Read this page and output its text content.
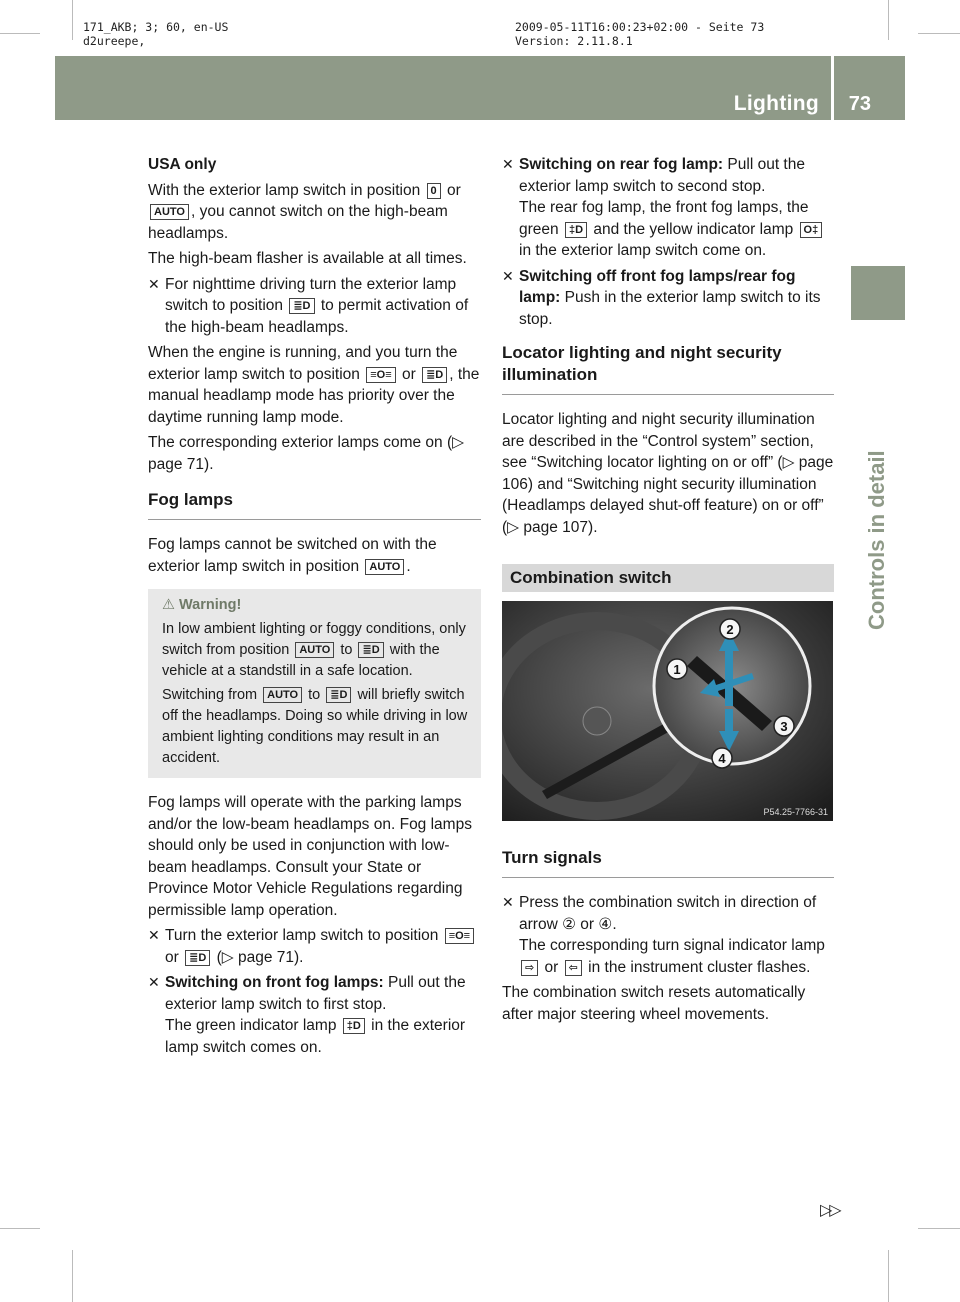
171_AKB; 3; 60, en-US
d2ureepe,
2009-05-11T16:00:23+02:00 - Seite 73
Version: 2.11.8.1
Lighting 73
Controls in detail

USA only

With the exterior lamp switch in position 0 or AUTO , you cannot switch on the high-beam headlamps.

The high-beam flasher is available at all times.

✕ For nighttime driving turn the exterior lamp switch to position ≣D to permit activation of the high-beam headlamps.

When the engine is running, and you turn the exterior lamp switch to position ≡O≡ or ≣D , the manual headlamp mode has priority over the daytime running lamp mode.

The corresponding exterior lamps come on (▷ page 71).

Fog lamps

Fog lamps cannot be switched on with the exterior lamp switch in position AUTO .

⚠ Warning!

In low ambient lighting or foggy conditions, only switch from position AUTO to ≣D with the vehicle at a standstill in a safe location.

Switching from AUTO to ≣D will briefly switch off the headlamps. Doing so while driving in low ambient lighting conditions may result in an accident.

Fog lamps will operate with the parking lamps and/or the low-beam headlamps on. Fog lamps should only be used in conjunction with low-beam headlamps. Consult your State or Province Motor Vehicle Regulations regarding permissible lamp operation.

✕ Turn the exterior lamp switch to position ≡O≡ or ≣D (▷ page 71).
✕ Switching on front fog lamps: Pull out the exterior lamp switch to first stop.
The green indicator lamp ‡D in the exterior lamp switch comes on.
✕ Switching on rear fog lamp: Pull out the exterior lamp switch to second stop.
The rear fog lamp, the front fog lamps, the green ‡D and the yellow indicator lamp O‡ in the exterior lamp switch come on.
✕ Switching off front fog lamps/rear fog lamp: Push in the exterior lamp switch to its stop.
Locator lighting and night security illumination

Locator lighting and night security illumination are described in the “Control system” section, see “Switching locator lighting on or off” (▷ page 106) and “Switching night security illumination (Headlamps delayed shut-off feature) on or off” (▷ page 107).

Combination switch
1
2
3
4
P54.25-7766-31
Turn signals
✕ Press the combination switch in direction of arrow ② or ④.
The corresponding turn signal indicator lamp ⇨ or ⇦ in the instrument cluster flashes.

The combination switch resets automatically after major steering wheel movements.

▷▷
